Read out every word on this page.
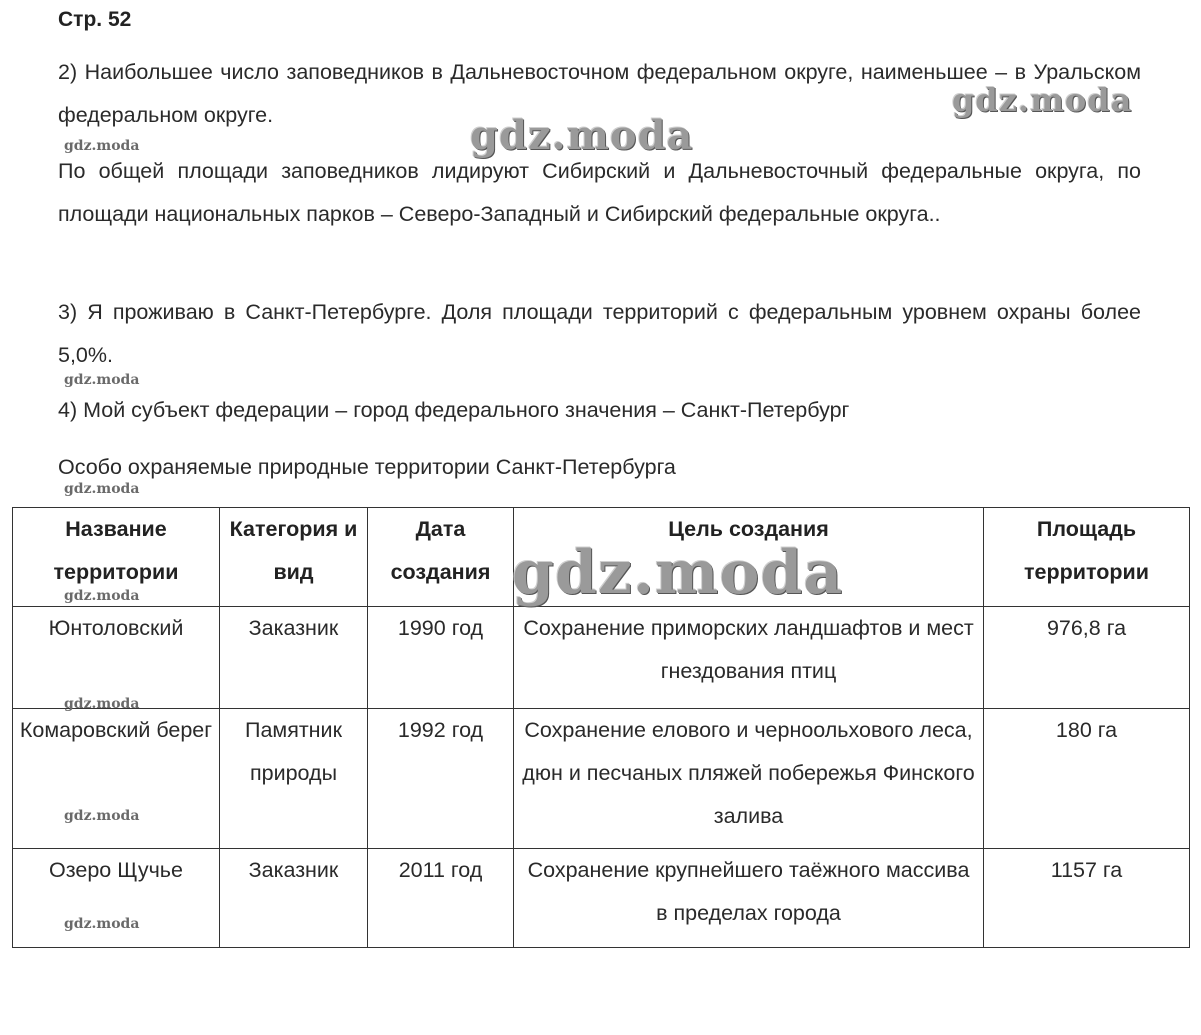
Стр. 52
2) Наибольшее число заповедников в Дальневосточном федеральном округе, наименьшее – в Уральском федеральном округе.
По общей площади заповедников лидируют Сибирский и Дальневосточный федеральные округа, по площади национальных парков – Северо-Западный и Сибирский федеральные округа..
3) Я проживаю в Санкт-Петербурге. Доля площади территорий с федеральным уровнем охраны более 5,0%.
4) Мой субъект федерации – город федерального значения – Санкт-Петербург
Особо охраняемые природные территории Санкт-Петербурга
Название территории	Категория и вид	Дата создания	Цель создания	Площадь территории
Юнтоловский	Заказник	1990 год	Сохранение приморских ландшафтов и мест гнездования птиц	976,8 га
Комаровский берег	Памятник природы	1992 год	Сохранение елового и черноольхового леса, дюн и песчаных пляжей побережья Финского залива	180 га
Озеро Щучье	Заказник	2011 год	Сохранение крупнейшего таёжного массива в пределах города	1157 га
gdz.moda
gdz.moda
gdz.moda
gdz.moda
gdz.moda
gdz.moda
gdz.moda
gdz.moda
gdz.moda
gdz.moda
